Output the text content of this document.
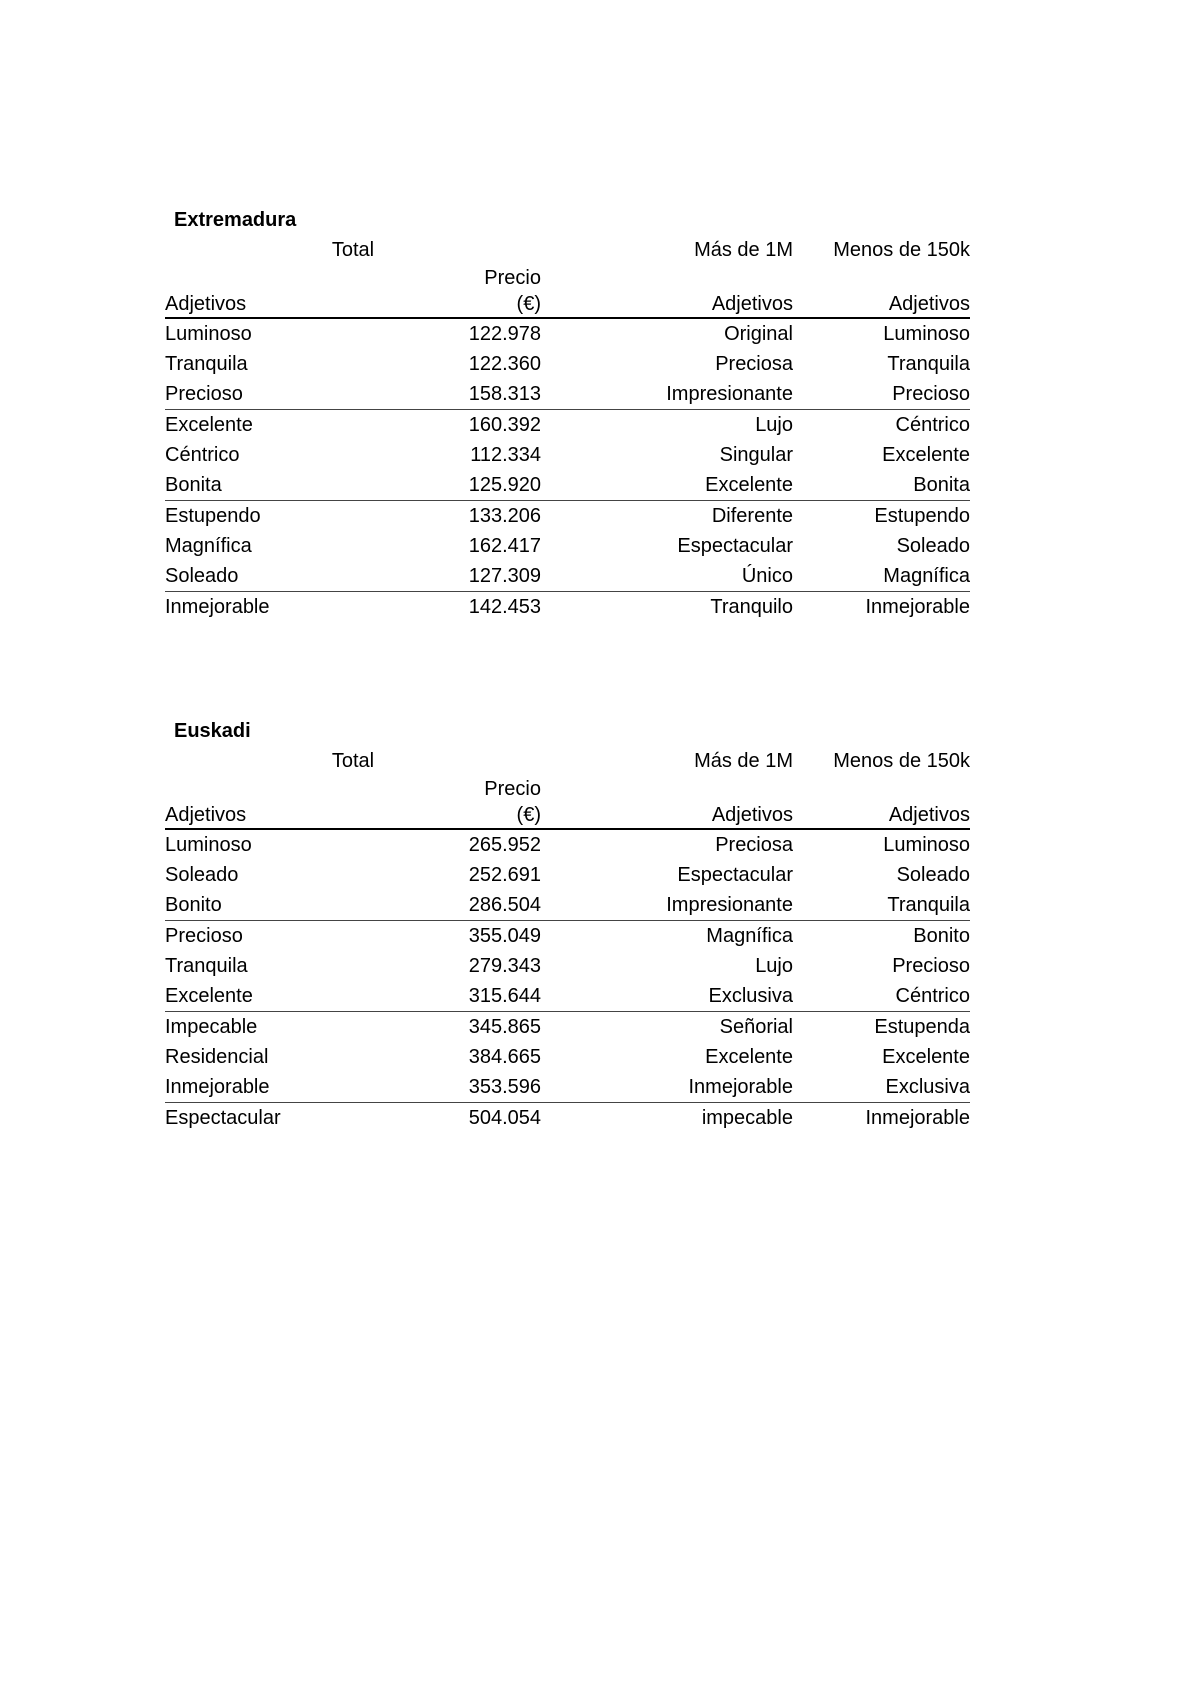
Extremadura
Total		Más de 1M	Menos de 150k
	Precio		
Adjetivos	(€)	Adjetivos	Adjetivos
Luminoso	122.978	Original	Luminoso
Tranquila	122.360	Preciosa	Tranquila
Precioso	158.313	Impresionante	Precioso
Excelente	160.392	Lujo	Céntrico
Céntrico	112.334	Singular	Excelente
Bonita	125.920	Excelente	Bonita
Estupendo	133.206	Diferente	Estupendo
Magnífica	162.417	Espectacular	Soleado
Soleado	127.309	Único	Magnífica
Inmejorable	142.453	Tranquilo	Inmejorable
Euskadi
Total		Más de 1M	Menos de 150k
	Precio		
Adjetivos	(€)	Adjetivos	Adjetivos
Luminoso	265.952	Preciosa	Luminoso
Soleado	252.691	Espectacular	Soleado
Bonito	286.504	Impresionante	Tranquila
Precioso	355.049	Magnífica	Bonito
Tranquila	279.343	Lujo	Precioso
Excelente	315.644	Exclusiva	Céntrico
Impecable	345.865	Señorial	Estupenda
Residencial	384.665	Excelente	Excelente
Inmejorable	353.596	Inmejorable	Exclusiva
Espectacular	504.054	impecable	Inmejorable
